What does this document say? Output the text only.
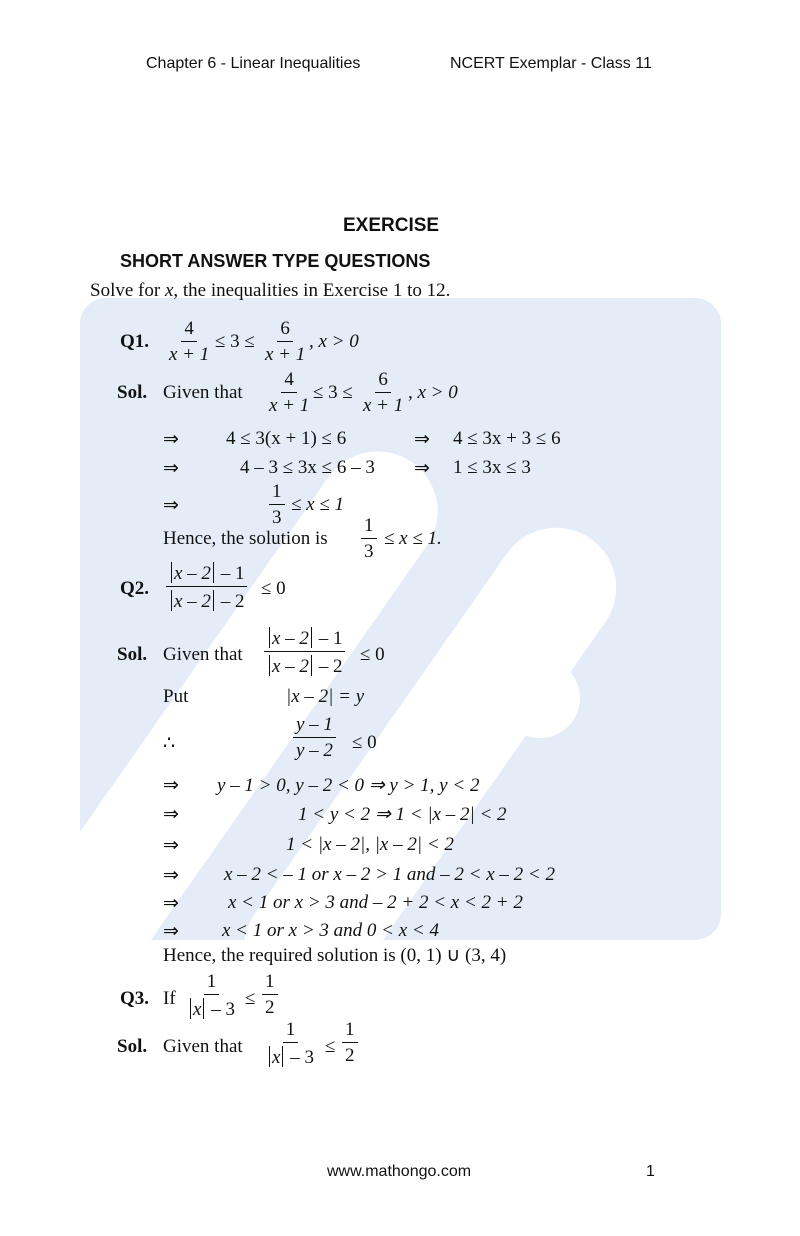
Chapter 6 - Linear Inequalities	NCERT Exemplar - Class 11
EXERCISE
SHORT ANSWER TYPE QUESTIONS
Solve for x, the inequalities in Exercise 1 to 12.
Q1. $\frac{4}{x + 1} \le 3 \le \frac{6}{x + 1}$ , x > 0
Sol. Given that $\frac{4}{x + 1} \le 3 \le \frac{6}{x + 1}$ , x > 0
⇒ 4 ≤ 3(x + 1) ≤ 6	⇒ 4 ≤ 3x + 3 ≤ 6
⇒	4 – 3 ≤ 3x ≤ 6 – 3 ⇒ 1 ≤ 3x ≤ 3
⇒	$\frac{1}{3} \le x \le 1$
Hence, the solution is $\frac{1}{3} \le x \le 1$.
Q2. $\frac{x - 2 - 1}{x - 2 - 2} \le 0$
Sol. Given that $\frac{x - 2 - 1}{x - 2 - 2} \le 0$
Put	|x – 2| = y
∴	$\frac{y - 1}{y - 2} \le 0$
⇒ y – 1 > 0, y – 2 < 0 ⇒ y > 1, y < 2
⇒	1 < y < 2 ⇒ 1 < |x – 2| < 2
⇒	1 < |x – 2|, |x – 2| < 2
⇒ x – 2 < – 1 or x – 2 > 1 and – 2 < x – 2 < 2
⇒	x < 1 or x > 3 and – 2 + 2 < x < 2 + 2
⇒ x < 1 or x > 3 and 0 < x < 4
Hence, the required solution is (0, 1) ∪ (3, 4)
Q3. If $\frac{1}{x - 3} \le \frac{1}{2}$
Sol. Given that $\frac{1}{x - 3} \le \frac{1}{2}$
www.mathongo.com	1
